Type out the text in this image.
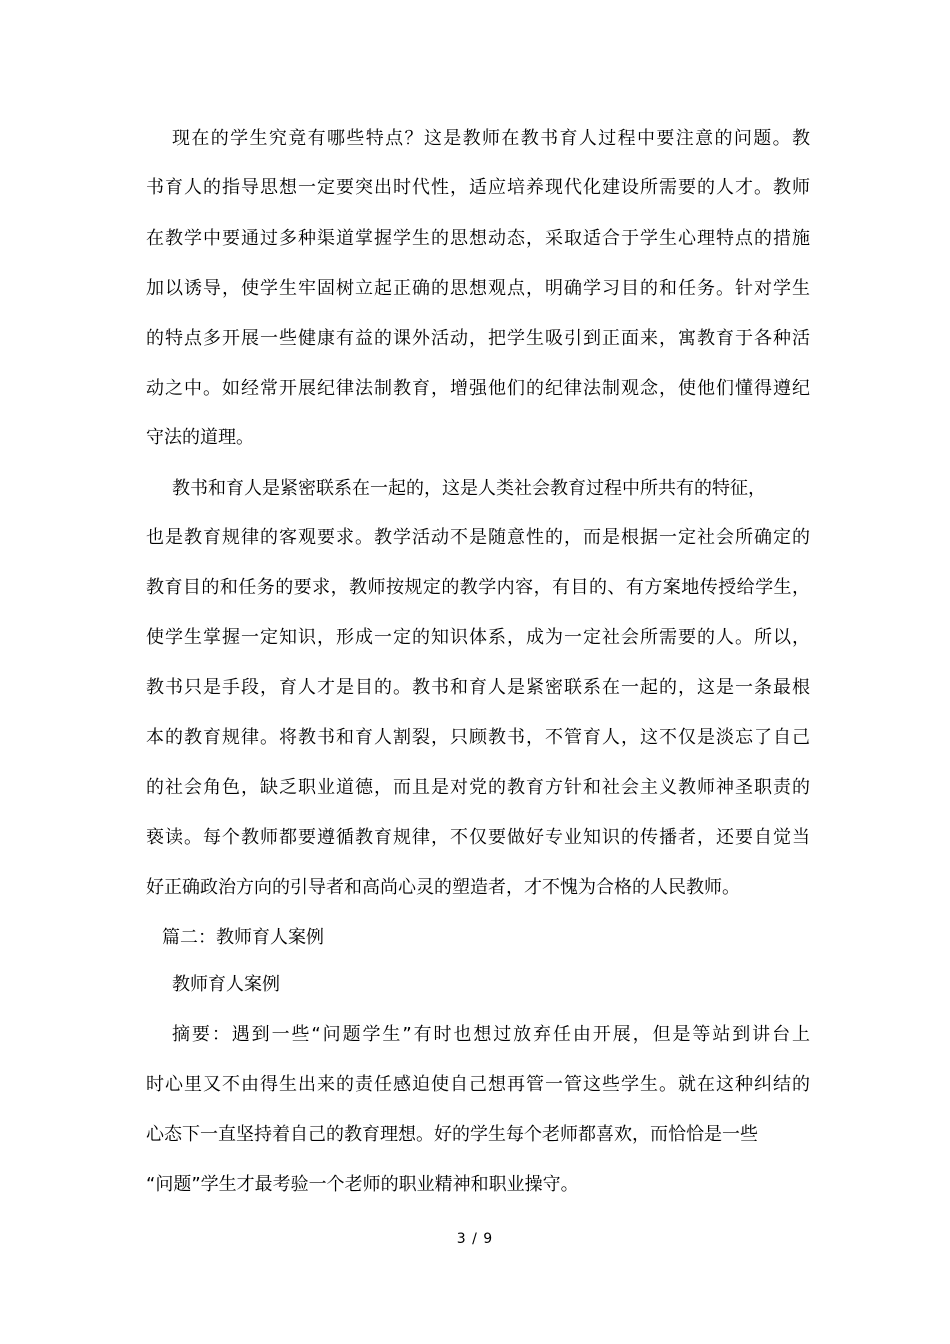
现在的学生究竟有哪些特点？这是教师在教书育人过程中要注意的问题。教
书育人的指导思想一定要突出时代性，适应培养现代化建设所需要的人才。教师
在教学中要通过多种渠道掌握学生的思想动态，采取适合于学生心理特点的措施
加以诱导，使学生牢固树立起正确的思想观点，明确学习目的和任务。针对学生
的特点多开展一些健康有益的课外活动，把学生吸引到正面来，寓教育于各种活
动之中。如经常开展纪律法制教育，增强他们的纪律法制观念，使他们懂得遵纪
守法的道理。
教书和育人是紧密联系在一起的，这是人类社会教育过程中所共有的特征，
也是教育规律的客观要求。教学活动不是随意性的，而是根据一定社会所确定的
教育目的和任务的要求，教师按规定的教学内容，有目的、有方案地传授给学生，
使学生掌握一定知识，形成一定的知识体系，成为一定社会所需要的人。所以，
教书只是手段，育人才是目的。教书和育人是紧密联系在一起的，这是一条最根
本的教育规律。将教书和育人割裂，只顾教书，不管育人，这不仅是淡忘了自己
的社会角色，缺乏职业道德，而且是对党的教育方针和社会主义教师神圣职责的
亵读。每个教师都要遵循教育规律，不仅要做好专业知识的传播者，还要自觉当
好正确政治方向的引导者和高尚心灵的塑造者，才不愧为合格的人民教师。
篇二：教师育人案例
教师育人案例
摘要：遇到一些“问题学生”有时也想过放弃任由开展，但是等站到讲台上
时心里又不由得生出来的责任感迫使自己想再管一管这些学生。就在这种纠结的
心态下一直坚持着自己的教育理想。好的学生每个老师都喜欢，而恰恰是一些
“问题”学生才最考验一个老师的职业精神和职业操守。
3 / 9
